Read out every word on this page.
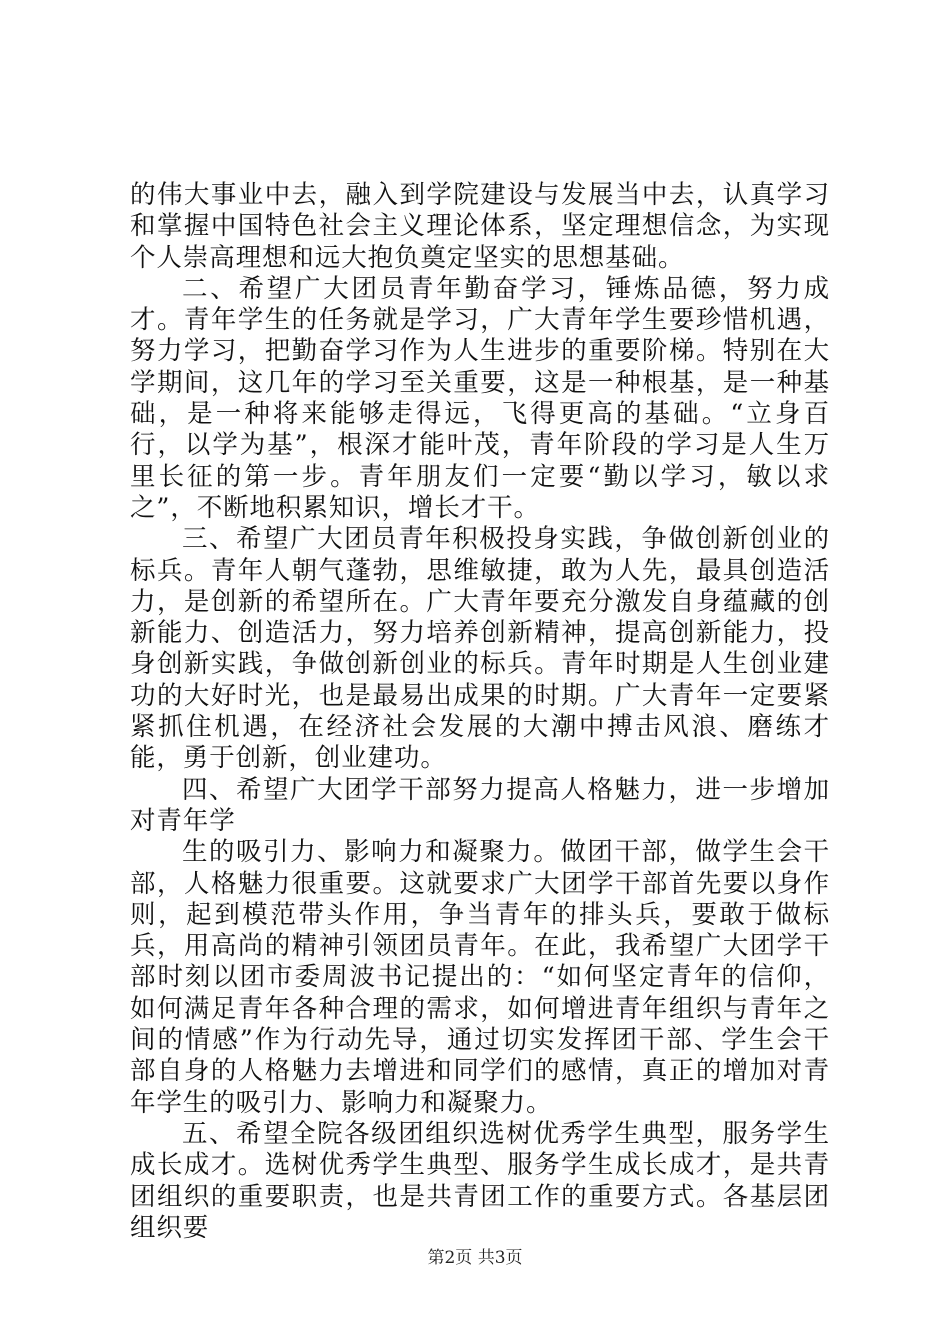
的伟大事业中去，融入到学院建设与发展当中去，认真学习和掌握中国特色社会主义理论体系，坚定理想信念，为实现个人崇高理想和远大抱负奠定坚实的思想基础。

二、希望广大团员青年勤奋学习，锤炼品德，努力成才。青年学生的任务就是学习，广大青年学生要珍惜机遇，努力学习，把勤奋学习作为人生进步的重要阶梯。特别在大学期间，这几年的学习至关重要，这是一种根基，是一种基础，是一种将来能够走得远，飞得更高的基础。“立身百行，以学为基”，根深才能叶茂，青年阶段的学习是人生万里长征的第一步。青年朋友们一定要“勤以学习，敏以求之”，不断地积累知识，增长才干。

三、希望广大团员青年积极投身实践，争做创新创业的标兵。青年人朝气蓬勃，思维敏捷，敢为人先，最具创造活力，是创新的希望所在。广大青年要充分激发自身蕴藏的创新能力、创造活力，努力培养创新精神，提高创新能力，投身创新实践，争做创新创业的标兵。青年时期是人生创业建功的大好时光，也是最易出成果的时期。广大青年一定要紧紧抓住机遇，在经济社会发展的大潮中搏击风浪、磨练才能，勇于创新，创业建功。

四、希望广大团学干部努力提高人格魅力，进一步增加对青年学

生的吸引力、影响力和凝聚力。做团干部，做学生会干部，人格魅力很重要。这就要求广大团学干部首先要以身作则，起到模范带头作用，争当青年的排头兵，要敢于做标兵，用高尚的精神引领团员青年。在此，我希望广大团学干部时刻以团市委周波书记提出的：“如何坚定青年的信仰，如何满足青年各种合理的需求，如何增进青年组织与青年之间的情感”作为行动先导，通过切实发挥团干部、学生会干部自身的人格魅力去增进和同学们的感情，真正的增加对青年学生的吸引力、影响力和凝聚力。

五、希望全院各级团组织选树优秀学生典型，服务学生成长成才。选树优秀学生典型、服务学生成长成才，是共青团组织的重要职责，也是共青团工作的重要方式。各基层团组织要

第2页 共3页
